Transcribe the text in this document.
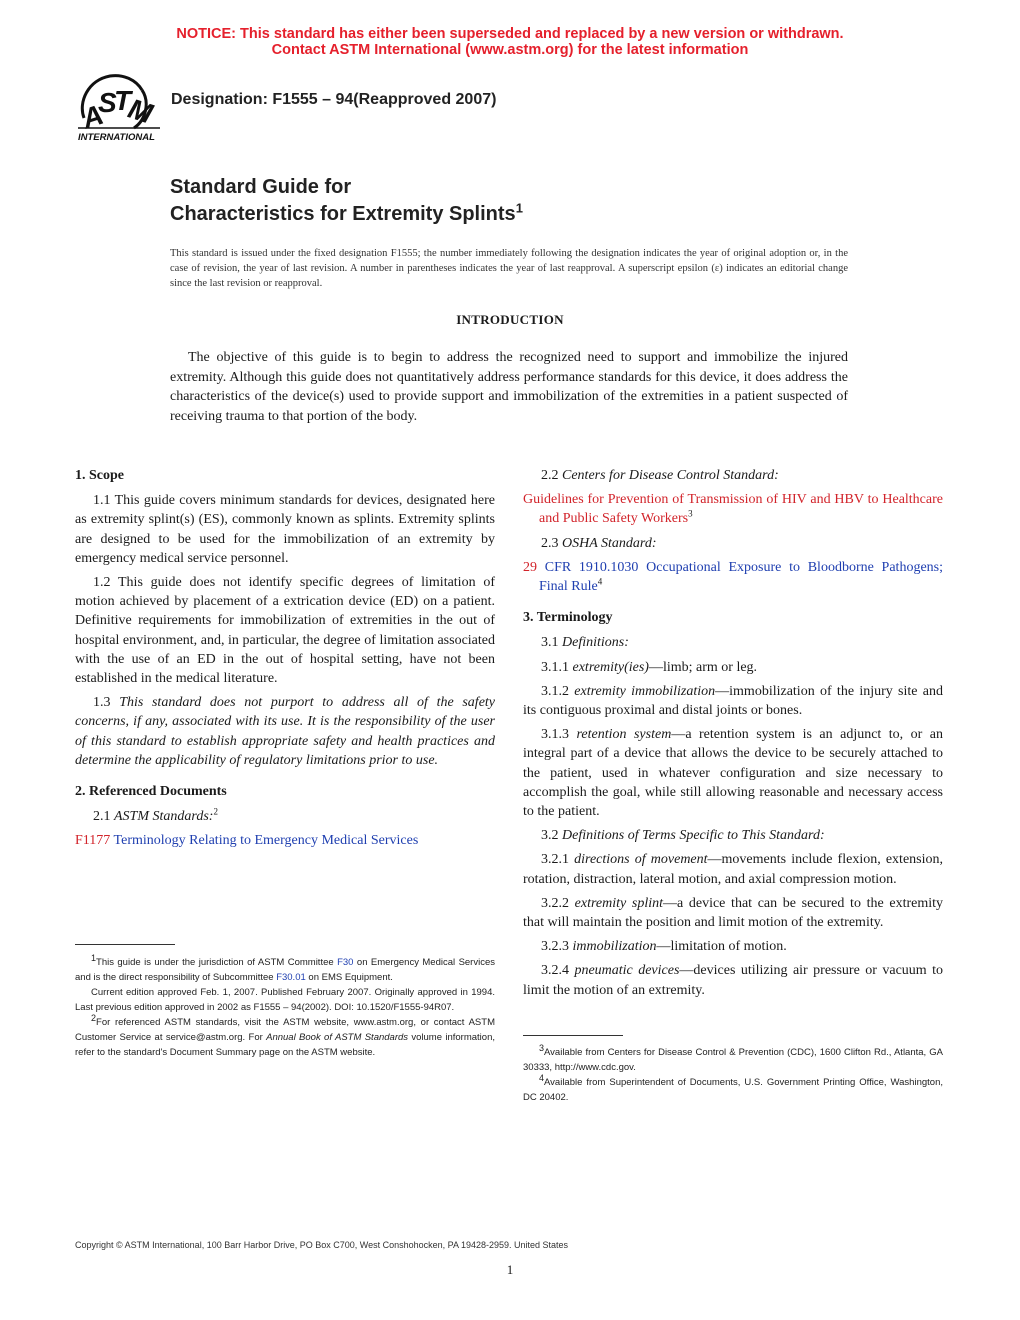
NOTICE: This standard has either been superseded and replaced by a new version or withdrawn.
Contact ASTM International (www.astm.org) for the latest information
A
S
T
M
INTERNATIONAL
Designation: F1555 – 94(Reapproved 2007)
Standard Guide for
Characteristics for Extremity Splints$^1$
This standard is issued under the fixed designation F1555; the number immediately following the designation indicates the year of original adoption or, in the case of revision, the year of last revision. A number in parentheses indicates the year of last reapproval. A superscript epsilon (ε) indicates an editorial change since the last revision or reapproval.
INTRODUCTION
The objective of this guide is to begin to address the recognized need to support and immobilize the injured extremity. Although this guide does not quantitatively address performance standards for this device, it does address the characteristics of the device(s) used to provide support and immobilization of the extremities in a patient suspected of receiving trauma to that portion of the body.
1. Scope

1.1 This guide covers minimum standards for devices, designated here as extremity splint(s) (ES), commonly known as splints. Extremity splints are designed to be used for the immobilization of an extremity by emergency medical service personnel.

1.2 This guide does not identify specific degrees of limitation of motion achieved by placement of a extrication device (ED) on a patient. Definitive requirements for immobilization of extremities in the out of hospital environment, and, in particular, the degree of limitation associated with the use of an ED in the out of hospital setting, have not been established in the medical literature.

1.3 This standard does not purport to address all of the safety concerns, if any, associated with its use. It is the responsibility of the user of this standard to establish appropriate safety and health practices and determine the applicability of regulatory limitations prior to use.

2. Referenced Documents

2.1 ASTM Standards:$^2$

F1177 Terminology Relating to Emergency Medical Services

$^1$This guide is under the jurisdiction of ASTM Committee F30 on Emergency Medical Services and is the direct responsibility of Subcommittee F30.01 on EMS Equipment.

Current edition approved Feb. 1, 2007. Published February 2007. Originally approved in 1994. Last previous edition approved in 2002 as F1555 – 94(2002). DOI: 10.1520/F1555-94R07.

$^2$For referenced ASTM standards, visit the ASTM website, www.astm.org, or contact ASTM Customer Service at service@astm.org. For Annual Book of ASTM Standards volume information, refer to the standard's Document Summary page on the ASTM website.

2.2 Centers for Disease Control Standard:

Guidelines for Prevention of Transmission of HIV and HBV to Healthcare and Public Safety Workers$^3$

2.3 OSHA Standard:

29 CFR 1910.1030 Occupational Exposure to Bloodborne Pathogens; Final Rule$^4$

3. Terminology

3.1 Definitions:

3.1.1 extremity(ies)—limb; arm or leg.

3.1.2 extremity immobilization—immobilization of the injury site and its contiguous proximal and distal joints or bones.

3.1.3 retention system—a retention system is an adjunct to, or an integral part of a device that allows the device to be securely attached to the patient, used in whatever configuration and size necessary to accomplish the goal, while still allowing reasonable and necessary access to the patient.

3.2 Definitions of Terms Specific to This Standard:

3.2.1 directions of movement—movements include flexion, extension, rotation, distraction, lateral motion, and axial compression motion.

3.2.2 extremity splint—a device that can be secured to the extremity that will maintain the position and limit motion of the extremity.

3.2.3 immobilization—limitation of motion.

3.2.4 pneumatic devices—devices utilizing air pressure or vacuum to limit the motion of an extremity.

$^3$Available from Centers for Disease Control & Prevention (CDC), 1600 Clifton Rd., Atlanta, GA 30333, http://www.cdc.gov.

$^4$Available from Superintendent of Documents, U.S. Government Printing Office, Washington, DC 20402.

Copyright © ASTM International, 100 Barr Harbor Drive, PO Box C700, West Conshohocken, PA 19428-2959. United States
1
